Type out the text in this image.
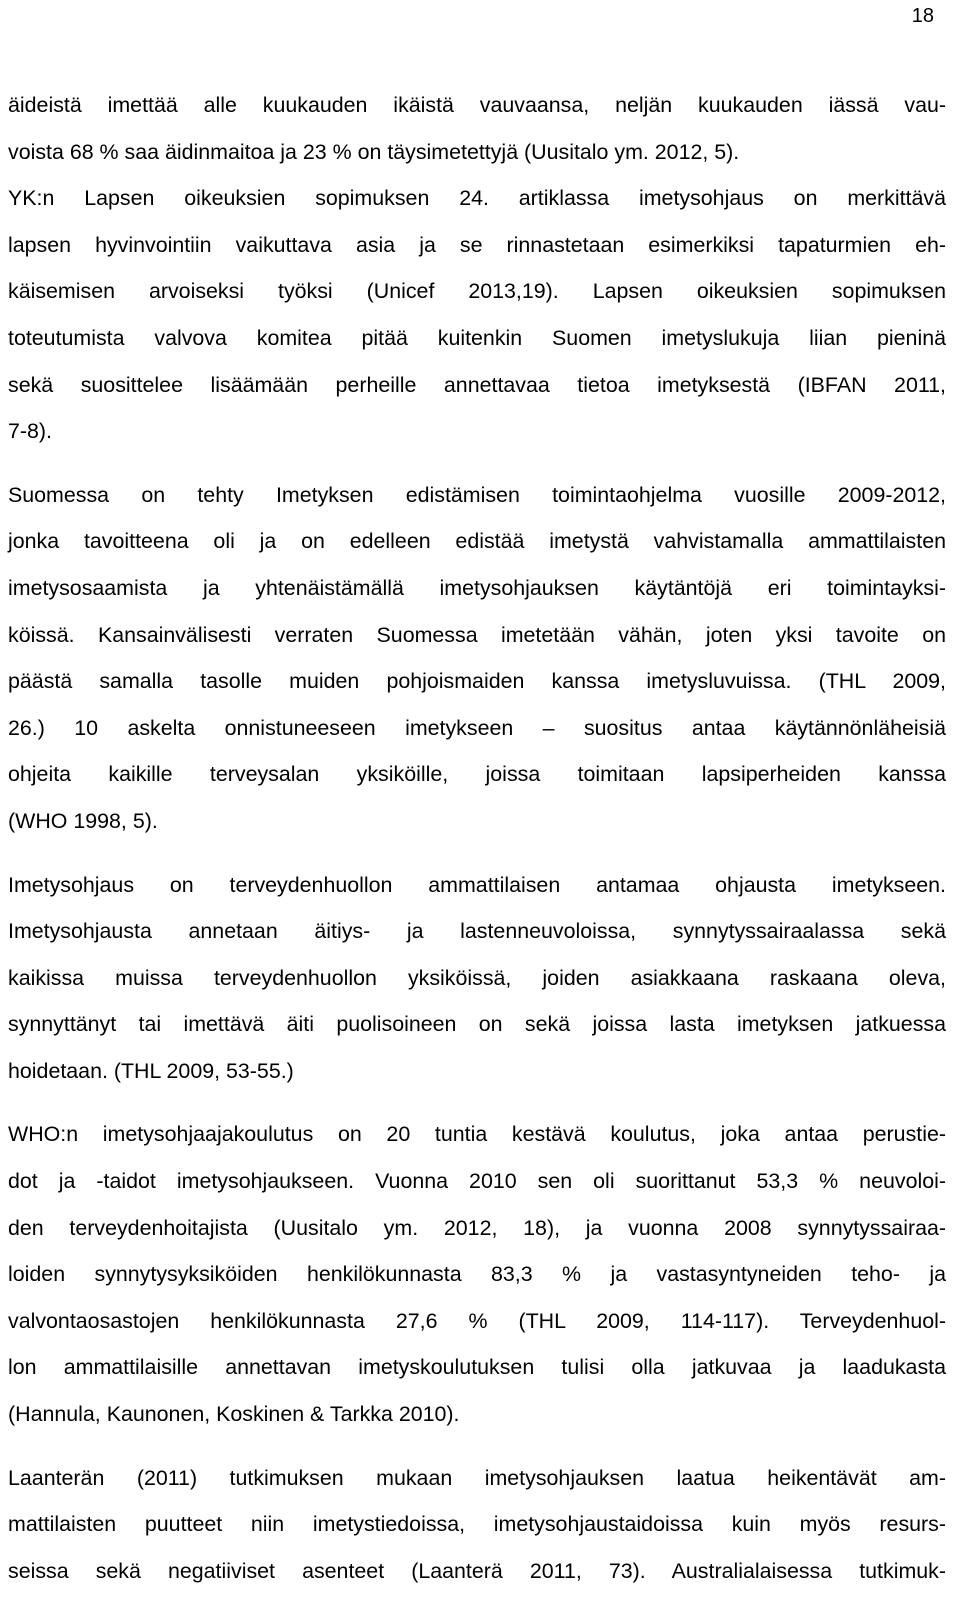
18

äideistä imettää alle kuukauden ikäistä vauvaansa, neljän kuukauden iässä vau-
voista 68 % saa äidinmaitoa ja 23 % on täysimetettyjä (Uusitalo ym. 2012, 5).

YK:n Lapsen oikeuksien sopimuksen 24. artiklassa imetysohjaus on merkittävä
lapsen hyvinvointiin vaikuttava asia ja se rinnastetaan esimerkiksi tapaturmien eh-
käisemisen arvoiseksi työksi (Unicef 2013,19). Lapsen oikeuksien sopimuksen
toteutumista valvova komitea pitää kuitenkin Suomen imetyslukuja liian pieninä
sekä suosittelee lisäämään perheille annettavaa tietoa imetyksestä (IBFAN 2011,
7-8).

Suomessa on tehty Imetyksen edistämisen toimintaohjelma vuosille 2009-2012,
jonka tavoitteena oli ja on edelleen edistää imetystä vahvistamalla ammattilaisten
imetysosaamista ja yhtenäistämällä imetysohjauksen käytäntöjä eri toimintayksi-
köissä. Kansainvälisesti verraten Suomessa imetetään vähän, joten yksi tavoite on
päästä samalla tasolle muiden pohjoismaiden kanssa imetysluvuissa. (THL 2009,
26.) 10 askelta onnistuneeseen imetykseen – suositus antaa käytännönläheisiä
ohjeita kaikille terveysalan yksiköille, joissa toimitaan lapsiperheiden kanssa
(WHO 1998, 5).

Imetysohjaus on terveydenhuollon ammattilaisen antamaa ohjausta imetykseen.
Imetysohjausta annetaan äitiys- ja lastenneuvoloissa, synnytyssairaalassa sekä
kaikissa muissa terveydenhuollon yksiköissä, joiden asiakkaana raskaana oleva,
synnyttänyt tai imettävä äiti puolisoineen on sekä joissa lasta imetyksen jatkuessa
hoidetaan. (THL 2009, 53-55.)

WHO:n imetysohjaajakoulutus on 20 tuntia kestävä koulutus, joka antaa perustie-
dot ja -taidot imetysohjaukseen. Vuonna 2010 sen oli suorittanut 53,3 % neuvoloi-
den terveydenhoitajista (Uusitalo ym. 2012, 18), ja vuonna 2008 synnytyssairaa-
loiden synnytysyksiköiden henkilökunnasta 83,3 % ja vastasyntyneiden teho- ja
valvontaosastojen henkilökunnasta 27,6 % (THL 2009, 114-117). Terveydenhuol-
lon ammattilaisille annettavan imetyskoulutuksen tulisi olla jatkuvaa ja laadukasta
(Hannula, Kaunonen, Koskinen & Tarkka 2010).

Laanterän (2011) tutkimuksen mukaan imetysohjauksen laatua heikentävät am-
mattilaisten puutteet niin imetystiedoissa, imetysohjaustaidoissa kuin myös resurs-
seissa sekä negatiiviset asenteet (Laanterä 2011, 73). Australialaisessa tutkimuk-
